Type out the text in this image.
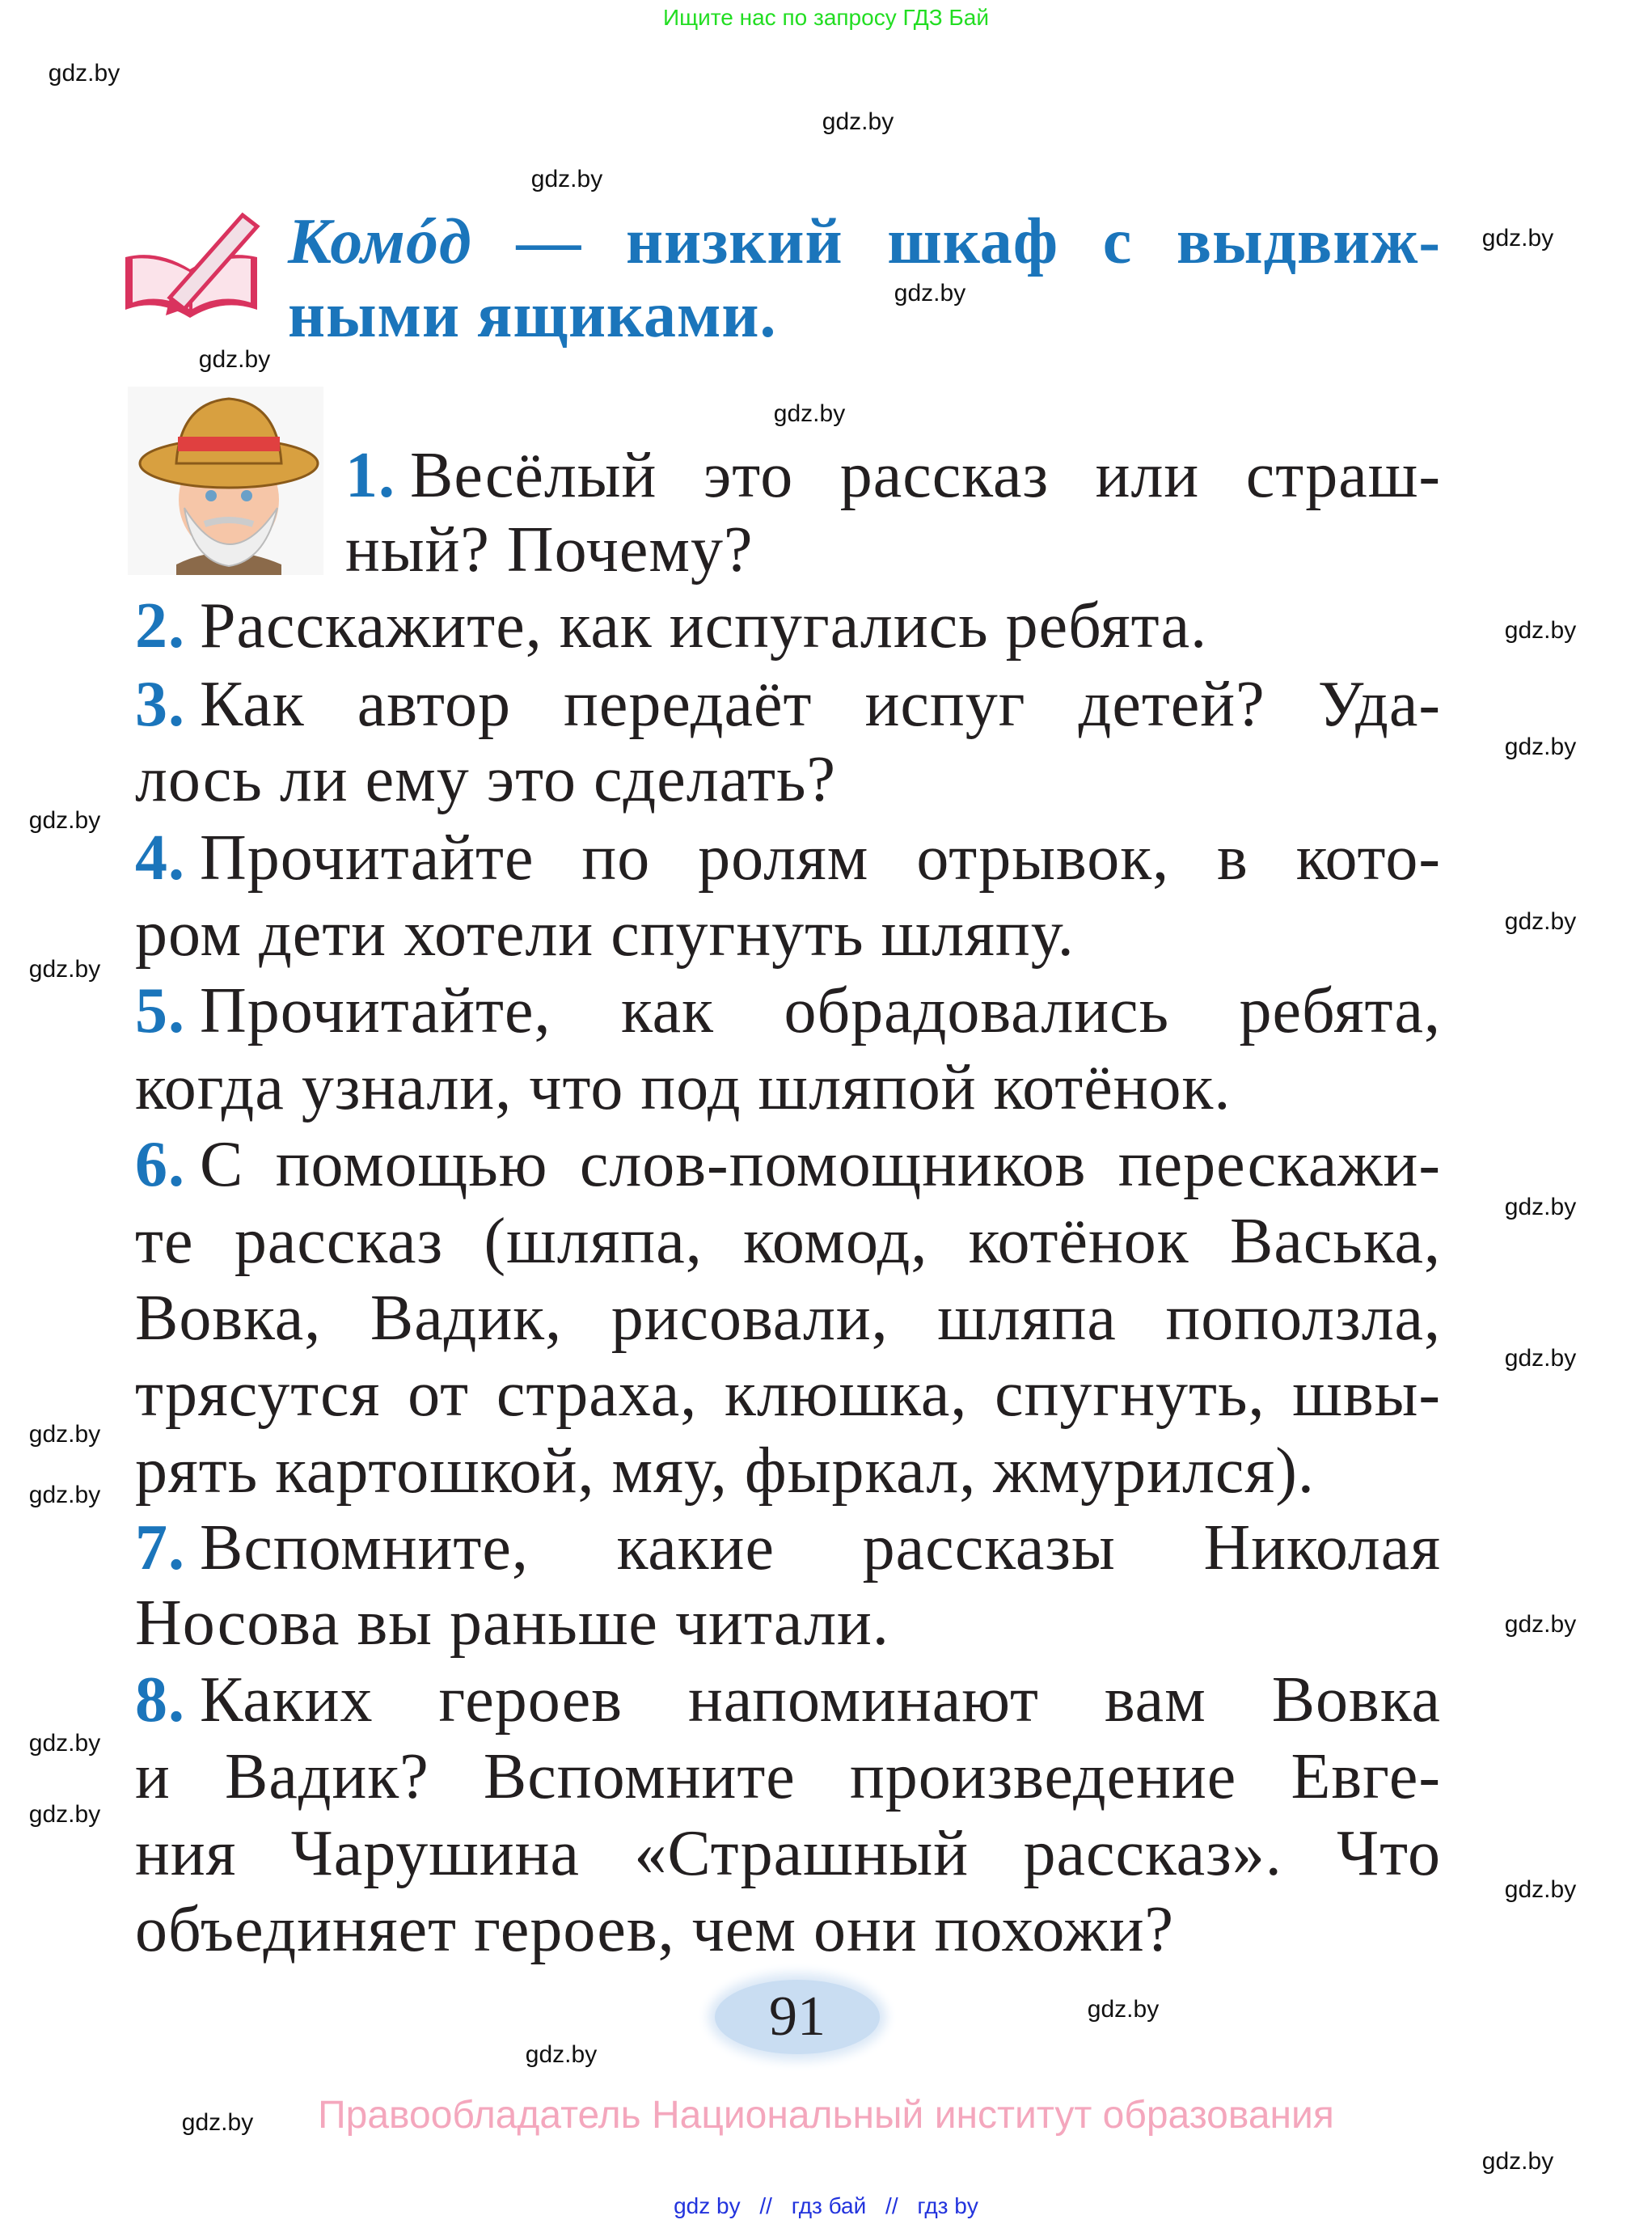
Ищите нас по запросу ГДЗ Бай
Комóд — низкий шкаф с выдвиж-
ными ящиками.
1. Весёлый это рассказ или страш-
ный? Почему?
2. Расскажите, как испугались ребята.
3. Как автор передаёт испуг детей? Уда-
лось ли ему это сделать?
4. Прочитайте по ролям отрывок, в кото-
ром дети хотели спугнуть шляпу.
5. Прочитайте, как обрадовались ребята,
когда узнали, что под шляпой котёнок.
6. С помощью слов-помощников перескажи-
те рассказ (шляпа, комод, котёнок Васька,
Вовка, Вадик, рисовали, шляпа поползла,
трясутся от страха, клюшка, спугнуть, швы-
рять картошкой, мяу, фыркал, жмурился).
7. Вспомните, какие рассказы Николая
Носова вы раньше читали.
8. Каких героев напоминают вам Вовка
и Вадик? Вспомните произведение Евге-
ния Чарушина «Страшный рассказ». Что
объединяет героев, чем они похожи?
91
Правообладатель Национальный институт образования
gdz by // гдз бай // гдз by
gdz.by
gdz.by
gdz.by
gdz.by
gdz.by
gdz.by
gdz.by
gdz.by
gdz.by
gdz.by
gdz.by
gdz.by
gdz.by
gdz.by
gdz.by
gdz.by
gdz.by
gdz.by
gdz.by
gdz.by
gdz.by
gdz.by
gdz.by
gdz.by
